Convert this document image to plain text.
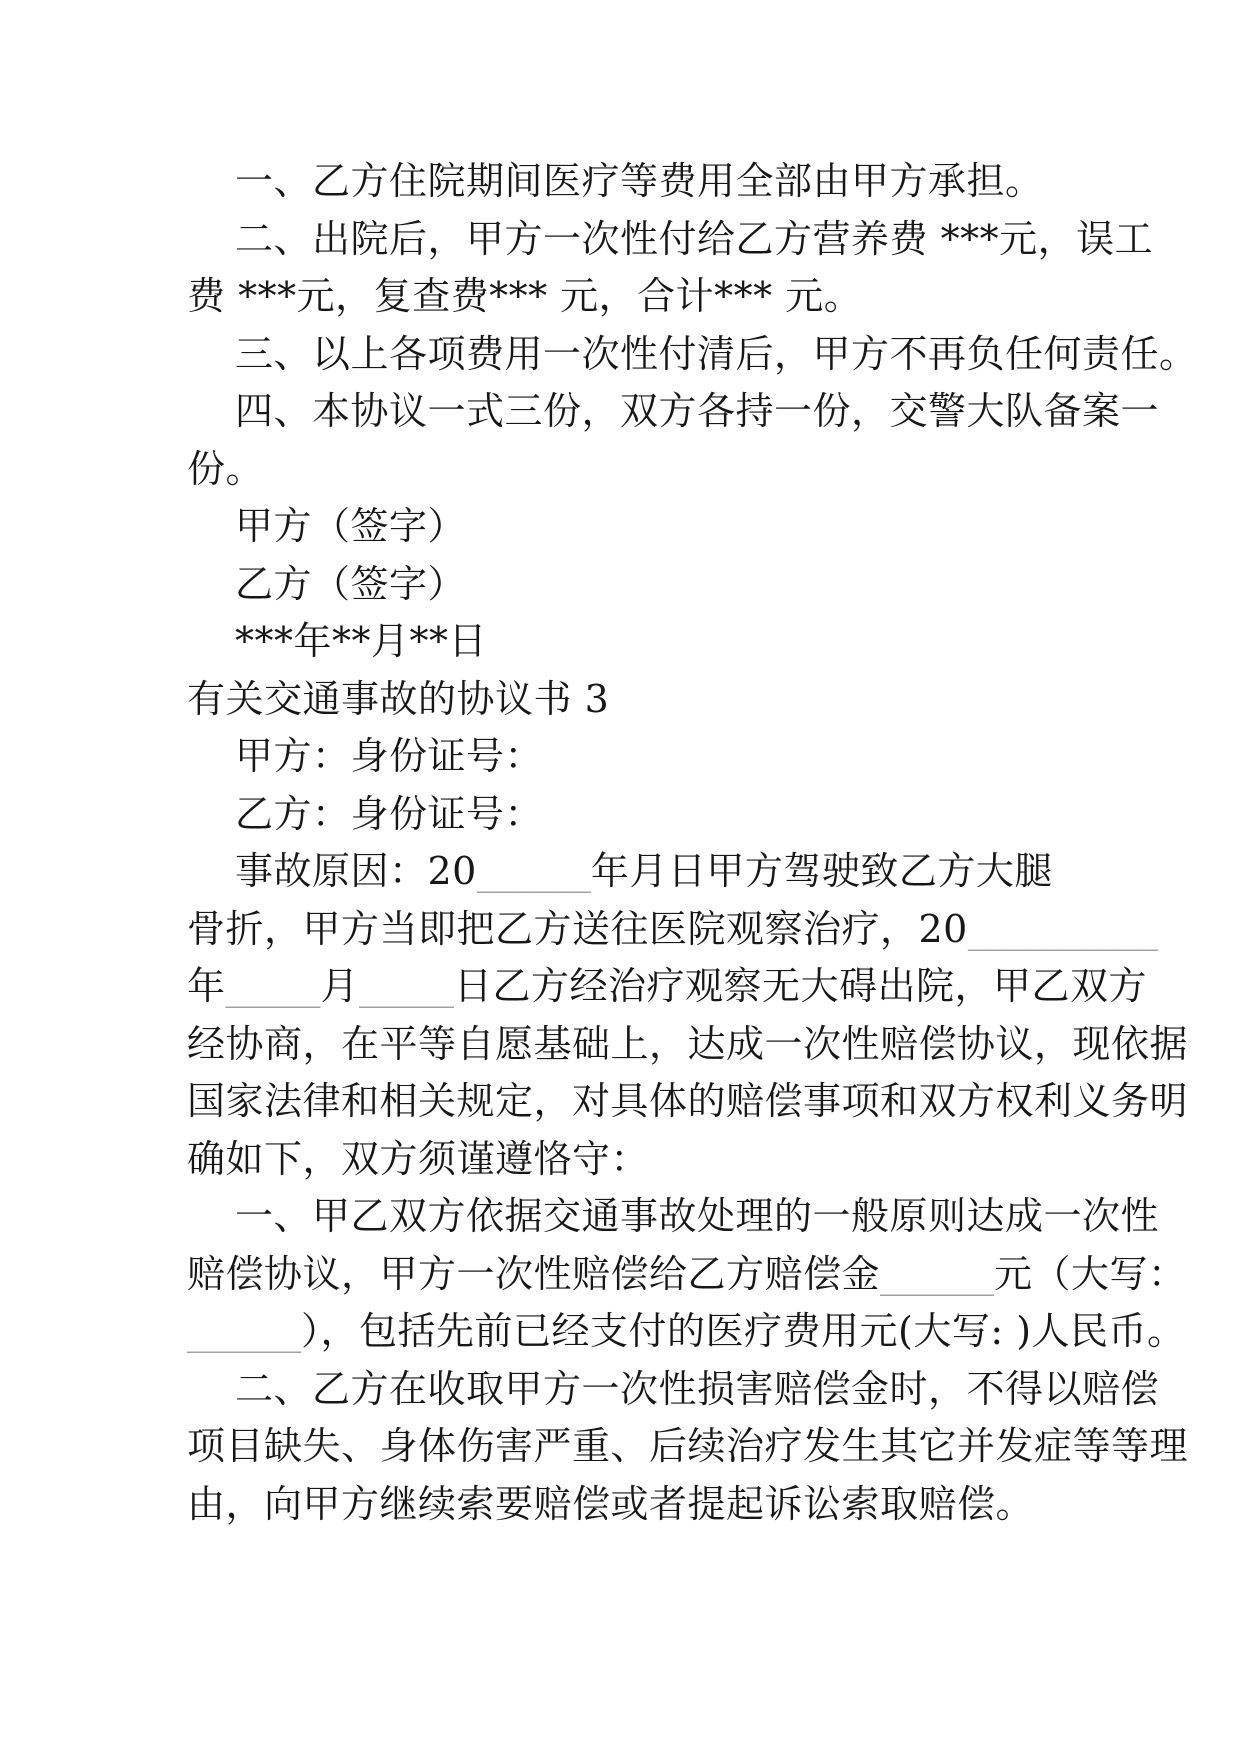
一、乙方住院期间医疗等费用全部由甲方承担。
二、出院后，甲方一次性付给乙方营养费 ***元，误工
费 ***元，复查费*** 元，合计*** 元。
三、以上各项费用一次性付清后，甲方不再负任何责任。
四、本协议一式三份，双方各持一份，交警大队备案一
份。
甲方（签字）
乙方（签字）
***年**月**日
有关交通事故的协议书 3
甲方：身份证号：
乙方：身份证号：
事故原因：20______年月日甲方驾驶致乙方大腿
骨折，甲方当即把乙方送往医院观察治疗，20__________
年_____月_____日乙方经治疗观察无大碍出院，甲乙双方
经协商，在平等自愿基础上，达成一次性赔偿协议，现依据
国家法律和相关规定，对具体的赔偿事项和双方权利义务明
确如下，双方须谨遵恪守：
一、甲乙双方依据交通事故处理的一般原则达成一次性
赔偿协议，甲方一次性赔偿给乙方赔偿金______元（大写：
______），包括先前已经支付的医疗费用元(大写: )人民币。
二、乙方在收取甲方一次性损害赔偿金时，不得以赔偿
项目缺失、身体伤害严重、后续治疗发生其它并发症等等理
由，向甲方继续索要赔偿或者提起诉讼索取赔偿。
